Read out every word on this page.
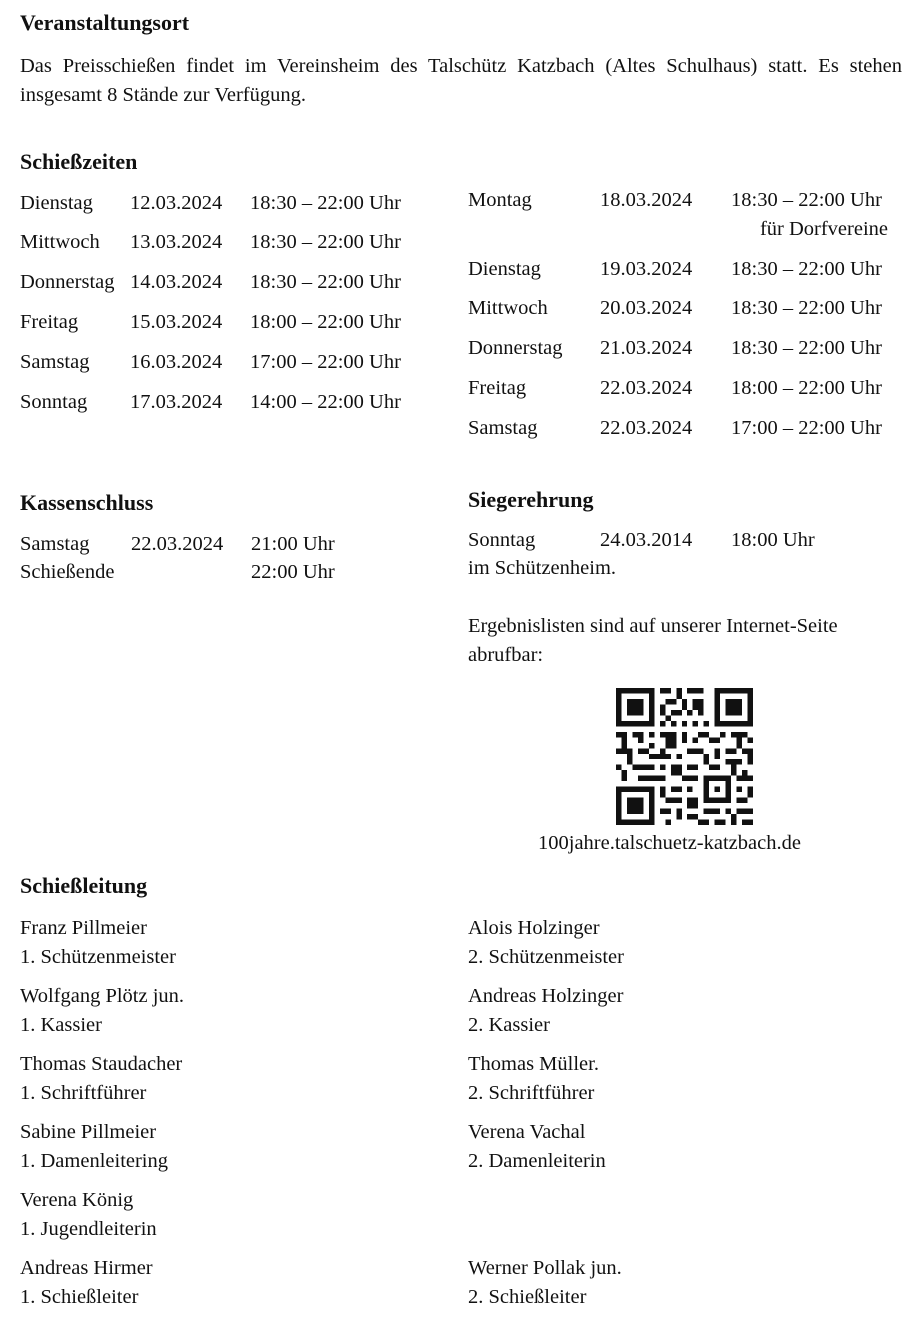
Veranstaltungsort
Das Preisschießen findet im Vereinsheim des Talschütz Katzbach (Altes Schulhaus) statt. Es stehen insgesamt 8 Stände zur Verfügung.
Schießzeiten
Dienstag 12.03.2024 18:30 – 22:00 Uhr
Mittwoch 13.03.2024 18:30 – 22:00 Uhr
Donnerstag 14.03.2024 18:30 – 22:00 Uhr
Freitag	15.03.2024 18:00 – 22:00 Uhr
Samstag 16.03.2024 17:00 – 22:00 Uhr
Sonntag 17.03.2024 14:00 – 22:00 Uhr
Montag	18.03.2024 18:30 – 22:00 Uhr
für Dorfvereine
Dienstag	19.03.2024 18:30 – 22:00 Uhr
Mittwoch	20.03.2024 18:30 – 22:00 Uhr
Donnerstag 21.03.2024 18:30 – 22:00 Uhr
Freitag	22.03.2024 18:00 – 22:00 Uhr
Samstag	22.03.2024 17:00 – 22:00 Uhr
Kassenschluss
Samstag 22.03.2024 21:00 Uhr
Schießende	22:00 Uhr
Siegerehrung
Sonntag	24.03.2014 18:00 Uhr
im Schützenheim.
Ergebnislisten sind auf unserer Internet-Seite abrufbar:
100jahre.talschuetz-katzbach.de
Schießleitung
Franz Pillmeier
1. Schützenmeister
Wolfgang Plötz jun.
1. Kassier
Thomas Staudacher
1. Schriftführer
Sabine Pillmeier
1. Damenleitering
Verena König
1. Jugendleiterin
Andreas Hirmer
1. Schießleiter
Alois Holzinger
2. Schützenmeister
Andreas Holzinger
2. Kassier
Thomas Müller.
2. Schriftführer
Verena Vachal
2. Damenleiterin
Werner Pollak jun.
2. Schießleiter
